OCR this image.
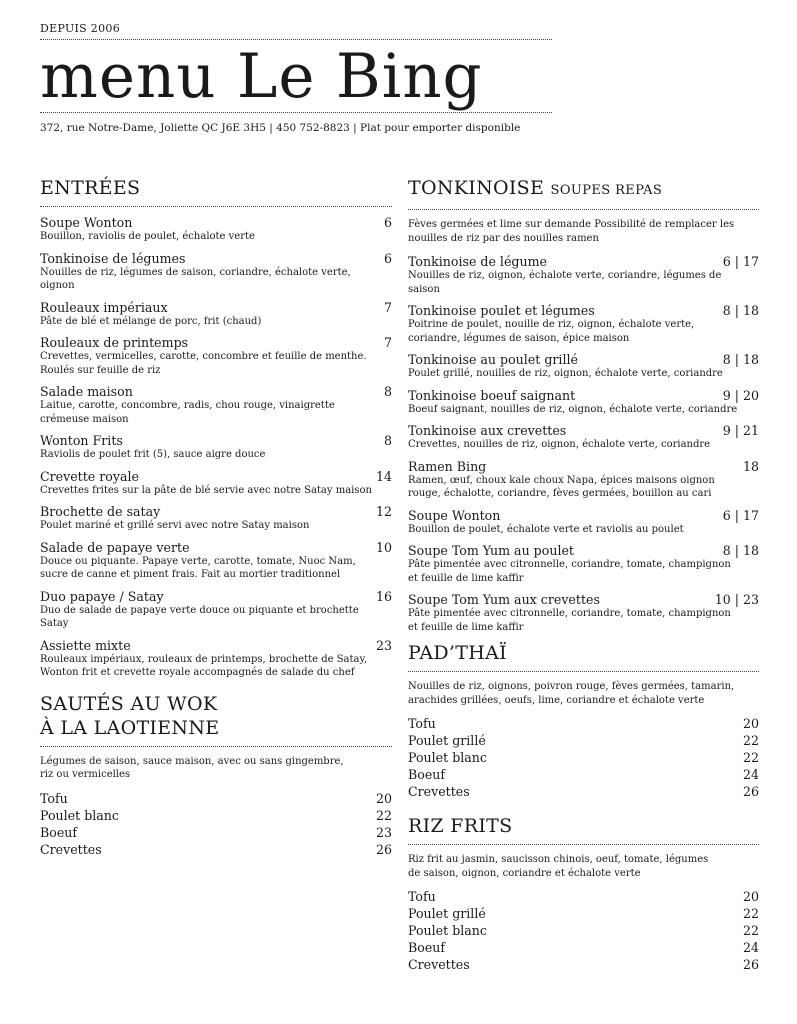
DEPUIS 2006
menu Le Bing
372, rue Notre-Dame, Joliette QC J6E 3H5 | 450 752-8823 | Plat pour emporter disponible
ENTRÉES
Soupe Wonton	6
Bouillon, raviolis de poulet, échalote verte
Tonkinoise de légumes	6
Nouilles de riz, légumes de saison, coriandre, échalote verte, oignon
Rouleaux impériaux	7
Pâte de blé et mélange de porc, frit (chaud)
Rouleaux de printemps	7
Crevettes, vermicelles, carotte, concombre et feuille de menthe. Roulés sur feuille de riz
Salade maison	8
Laitue, carotte, concombre, radis, chou rouge, vinaigrette crémeuse maison
Wonton Frits	8
Raviolis de poulet frit (5), sauce aigre douce
Crevette royale	14
Crevettes frites sur la pâte de blé servie avec notre Satay maison
Brochette de satay	12
Poulet mariné et grillé servi avec notre Satay maison
Salade de papaye verte	10
Douce ou piquante. Papaye verte, carotte, tomate, Nuoc Nam, sucre de canne et piment frais. Fait au mortier traditionnel
Duo papaye / Satay	16
Duo de salade de papaye verte douce ou piquante et brochette Satay
Assiette mixte	23
Rouleaux impériaux, rouleaux de printemps, brochette de Satay, Wonton frit et crevette royale accompagnés de salade du chef
SAUTÉS AU WOK
À LA LAOTIENNE
Légumes de saison, sauce maison, avec ou sans gingembre, riz ou vermicelles
Tofu	20
Poulet blanc	22
Boeuf	23
Crevettes	26
TONKINOISE SOUPES REPAS
Fèves germées et lime sur demande Possibilité de remplacer les nouilles de riz par des nouilles ramen
Tonkinoise de légume	6 | 17
Nouilles de riz, oignon, échalote verte, coriandre, légumes de saison
Tonkinoise poulet et légumes	8 | 18
Poitrine de poulet, nouille de riz, oignon, échalote verte, coriandre, légumes de saison, épice maison
Tonkinoise au poulet grillé	8 | 18
Poulet grillé, nouilles de riz, oignon, échalote verte, coriandre
Tonkinoise boeuf saignant	9 | 20
Boeuf saignant, nouilles de riz, oignon, échalote verte, coriandre
Tonkinoise aux crevettes	9 | 21
Crevettes, nouilles de riz, oignon, échalote verte, coriandre
Ramen Bing	18
Ramen, œuf, choux kale choux Napa, épices maisons oignon rouge, échalotte, coriandre, fèves germées, bouillon au cari
Soupe Wonton	6 | 17
Bouillon de poulet, échalote verte et raviolis au poulet
Soupe Tom Yum au poulet	8 | 18
Pâte pimentée avec citronnelle, coriandre, tomate, champignon et feuille de lime kaffir
Soupe Tom Yum aux crevettes	10 | 23
Pâte pimentée avec citronnelle, coriandre, tomate, champignon et feuille de lime kaffir
PAD’THAÏ
Nouilles de riz, oignons, poivron rouge, fèves germées, tamarin, arachides grillées, oeufs, lime, coriandre et échalote verte
Tofu	20
Poulet grillé	22
Poulet blanc	22
Boeuf	24
Crevettes	26
RIZ FRITS
Riz frit au jasmin, saucisson chinois, oeuf, tomate, légumes de saison, oignon, coriandre et échalote verte
Tofu	20
Poulet grillé	22
Poulet blanc	22
Boeuf	24
Crevettes	26
